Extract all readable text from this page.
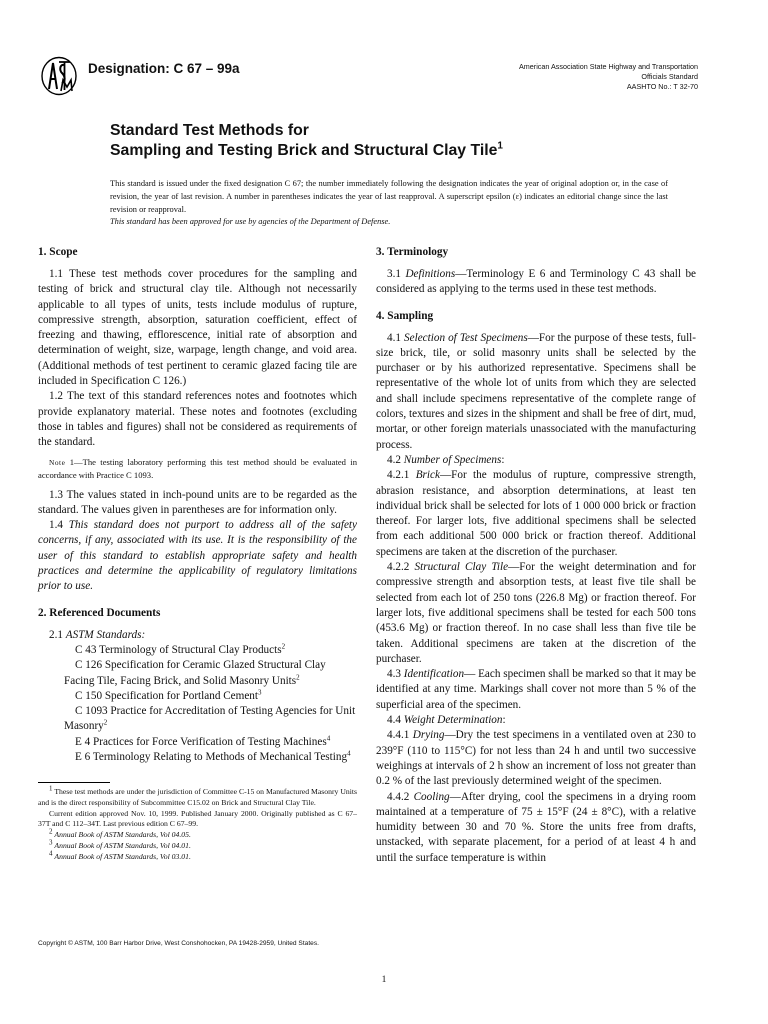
Designation: C 67 – 99a	American Association State Highway and Transportation
Officials Standard
AASHTO No.: T 32-70
Standard Test Methods for
Sampling and Testing Brick and Structural Clay Tile$^1$
This standard is issued under the fixed designation C 67; the number immediately following the designation indicates the year of original adoption or, in the case of revision, the year of last revision. A number in parentheses indicates the year of last reapproval. A superscript epsilon (ε) indicates an editorial change since the last revision or reapproval.
This standard has been approved for use by agencies of the Department of Defense.
1. Scope

1.1 These test methods cover procedures for the sampling and testing of brick and structural clay tile. Although not necessarily applicable to all types of units, tests include modulus of rupture, compressive strength, absorption, saturation coefficient, effect of freezing and thawing, efflorescence, initial rate of absorption and determination of weight, size, warpage, length change, and void area. (Additional methods of test pertinent to ceramic glazed facing tile are included in Specification C 126.)

1.2 The text of this standard references notes and footnotes which provide explanatory material. These notes and footnotes (excluding those in tables and figures) shall not be considered as requirements of the standard.

Note 1—The testing laboratory performing this test method should be evaluated in accordance with Practice C 1093.

1.3 The values stated in inch-pound units are to be regarded as the standard. The values given in parentheses are for information only.

1.4 This standard does not purport to address all of the safety concerns, if any, associated with its use. It is the responsibility of the user of this standard to establish appropriate safety and health practices and determine the applicability of regulatory limitations prior to use.

2. Referenced Documents

2.1 ASTM Standards:

C 43 Terminology of Structural Clay Products$^2$

C 126 Specification for Ceramic Glazed Structural Clay Facing Tile, Facing Brick, and Solid Masonry Units$^2$

C 150 Specification for Portland Cement$^3$

C 1093 Practice for Accreditation of Testing Agencies for Unit Masonry$^2$

E 4 Practices for Force Verification of Testing Machines$^4$

E 6 Terminology Relating to Methods of Mechanical Testing$^4$

$^1$ These test methods are under the jurisdiction of Committee C-15 on Manufactured Masonry Units and is the direct responsibility of Subcommittee C15.02 on Brick and Structural Clay Tile.

Current edition approved Nov. 10, 1999. Published January 2000. Originally published as C 67–37T and C 112–34T. Last previous edition C 67–99.

$^2$ Annual Book of ASTM Standards, Vol 04.05.

$^3$ Annual Book of ASTM Standards, Vol 04.01.

$^4$ Annual Book of ASTM Standards, Vol 03.01.

3. Terminology

3.1 Definitions—Terminology E 6 and Terminology C 43 shall be considered as applying to the terms used in these test methods.

4. Sampling

4.1 Selection of Test Specimens—For the purpose of these tests, full-size brick, tile, or solid masonry units shall be selected by the purchaser or by his authorized representative. Specimens shall be representative of the whole lot of units from which they are selected and shall include specimens representative of the complete range of colors, textures and sizes in the shipment and shall be free of dirt, mud, mortar, or other foreign materials unassociated with the manufacturing process.

4.2 Number of Specimens:

4.2.1 Brick—For the modulus of rupture, compressive strength, abrasion resistance, and absorption determinations, at least ten individual brick shall be selected for lots of 1 000 000 brick or fraction thereof. For larger lots, five additional specimens shall be selected from each additional 500 000 brick or fraction thereof. Additional specimens are taken at the discretion of the purchaser.

4.2.2 Structural Clay Tile—For the weight determination and for compressive strength and absorption tests, at least five tile shall be selected from each lot of 250 tons (226.8 Mg) or fraction thereof. For larger lots, five additional specimens shall be tested for each 500 tons (453.6 Mg) or fraction thereof. In no case shall less than five tile be taken. Additional specimens are taken at the discretion of the purchaser.

4.3 Identification— Each specimen shall be marked so that it may be identified at any time. Markings shall cover not more than 5 % of the superficial area of the specimen.

4.4 Weight Determination:

4.4.1 Drying—Dry the test specimens in a ventilated oven at 230 to 239°F (110 to 115°C) for not less than 24 h and until two successive weighings at intervals of 2 h show an increment of loss not greater than 0.2 % of the last previously determined weight of the specimen.

4.4.2 Cooling—After drying, cool the specimens in a drying room maintained at a temperature of 75 ± 15°F (24 ± 8°C), with a relative humidity between 30 and 70 %. Store the units free from drafts, unstacked, with separate placement, for a period of at least 4 h and until the surface temperature is within

Copyright © ASTM, 100 Barr Harbor Drive, West Conshohocken, PA 19428-2959, United States.
1
